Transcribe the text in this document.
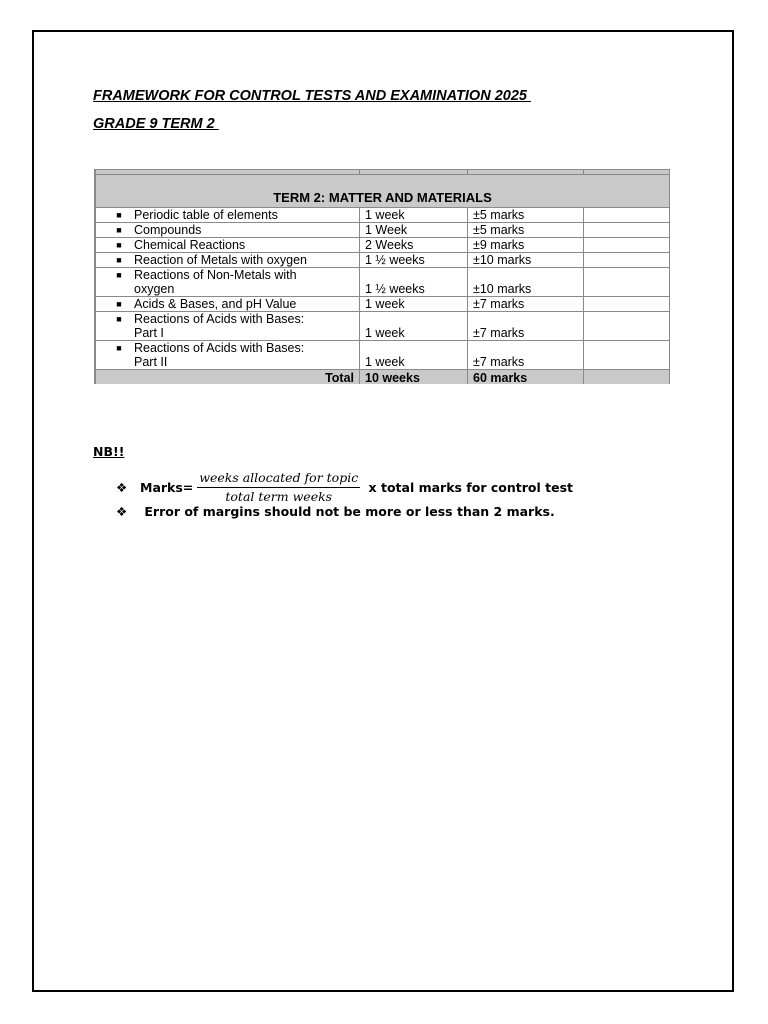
FRAMEWORK FOR CONTROL TESTS AND EXAMINATION 2025
GRADE 9 TERM 2

TERM 2: MATTER AND MATERIALS			
■ Periodic table of elements	1 week	±5 marks	
■ Compounds	1 Week	±5 marks	
■ Chemical Reactions	2 Weeks	±9 marks	
■ Reaction of Metals with oxygen	1 ½ weeks	±10 marks	
■ Reactions of Non-Metals with
oxygen	1 ½ weeks	±10 marks	
■ Acids & Bases, and pH Value	1 week	±7 marks	
■ Reactions of Acids with Bases:
Part I	1 week	±7 marks	
■ Reactions of Acids with Bases:
Part II	1 week	±7 marks	
Total	10 weeks	60 marks	
NB!!
❖	Marks= $\frac{\text{weeks allocated for topic}}{\text{total term weeks}}$ x total marks for control test
❖ Error of margins should not be more or less than 2 marks.
